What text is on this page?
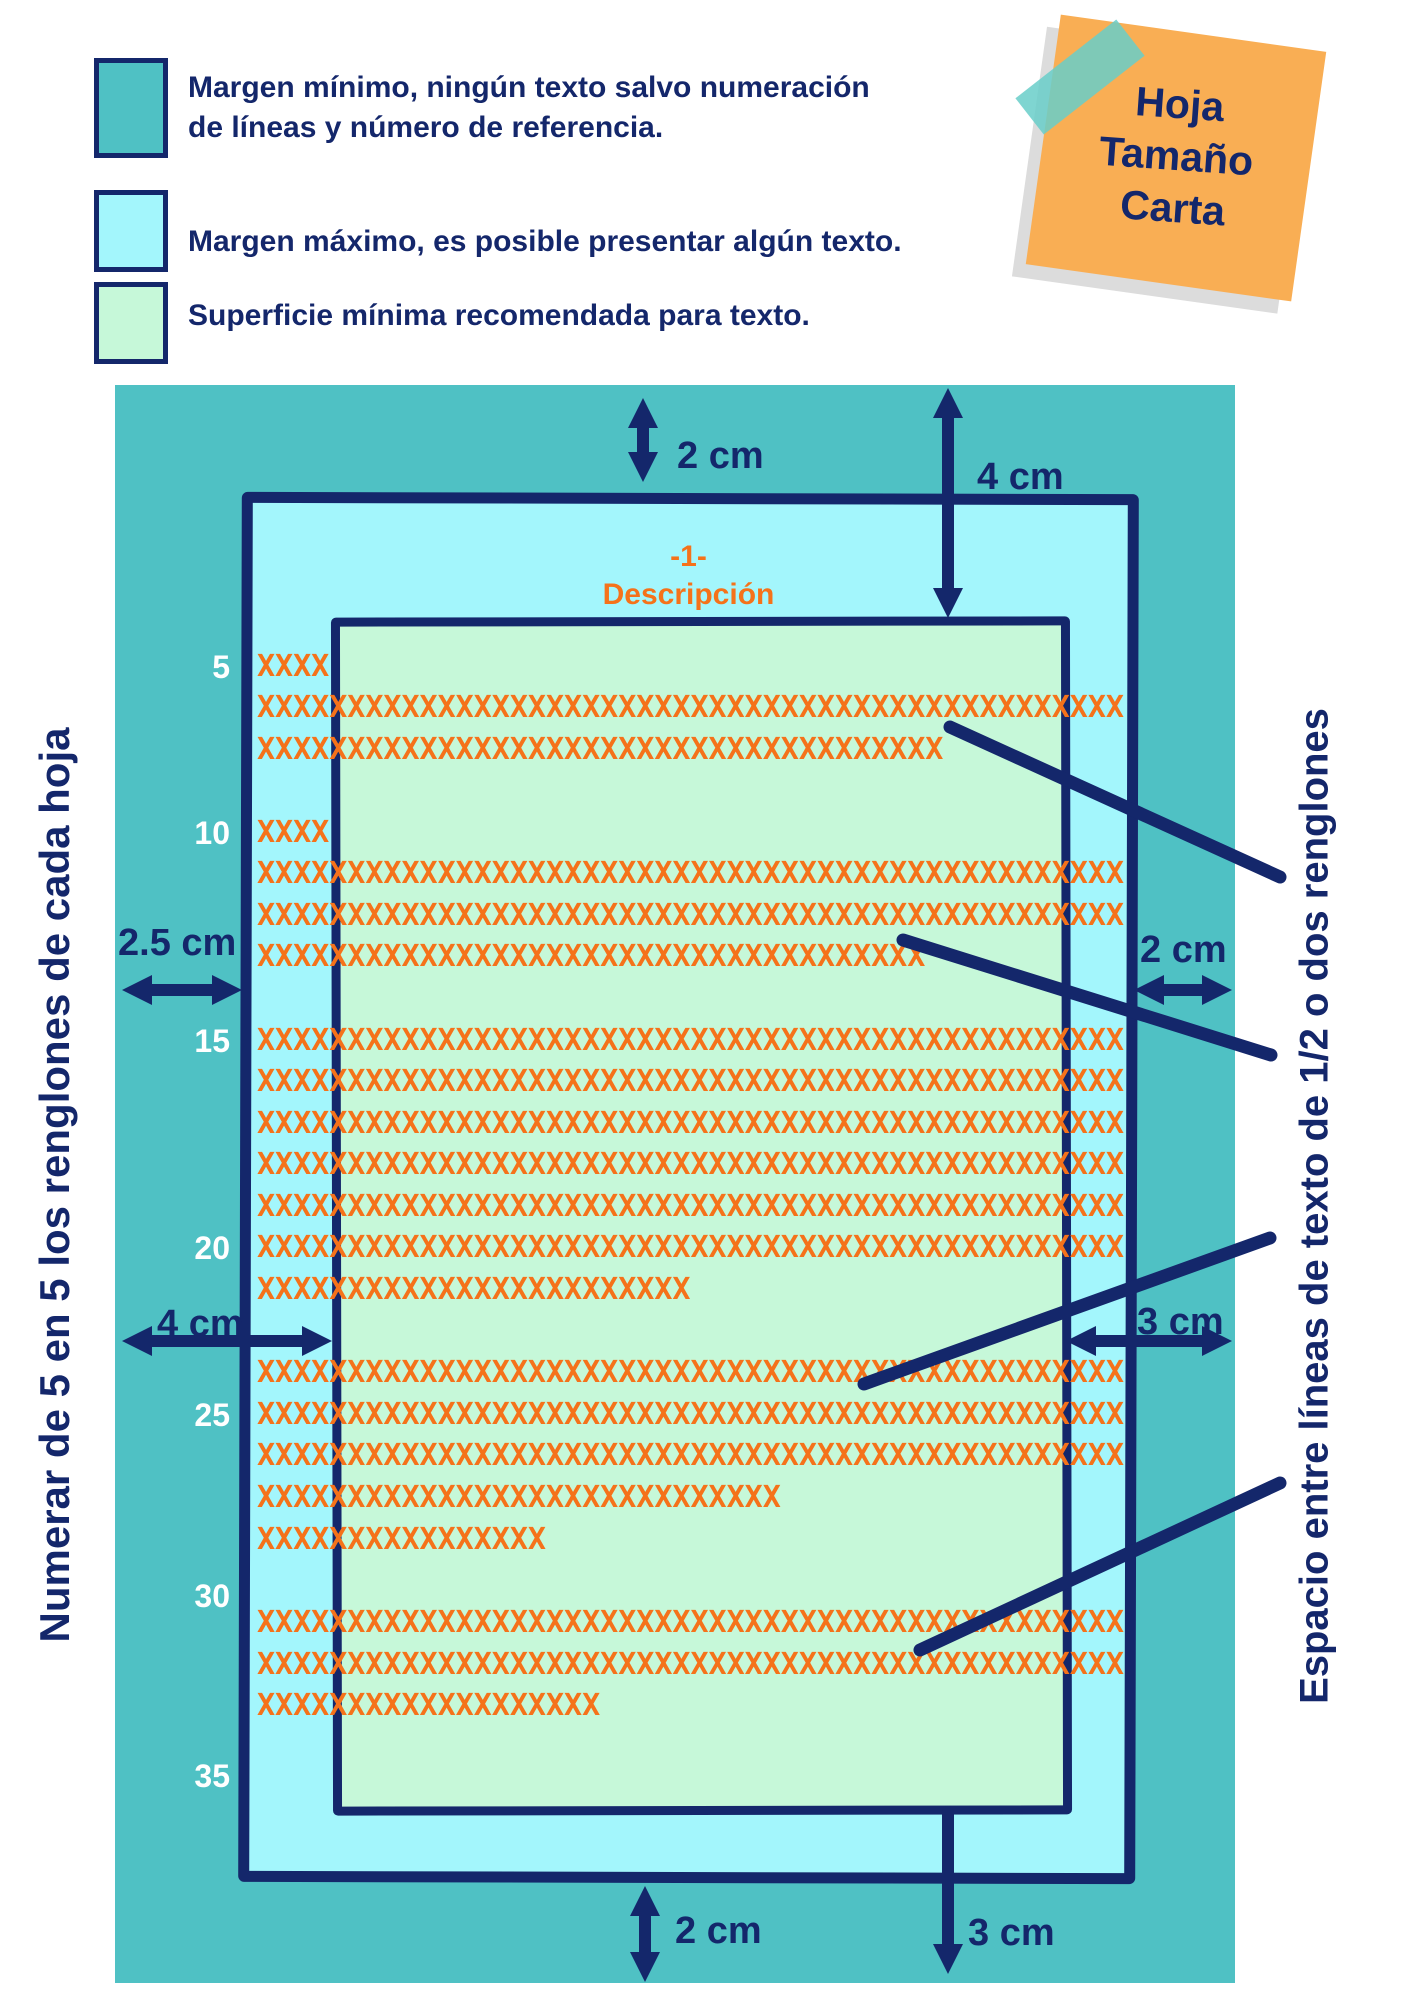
Margen mínimo, ningún texto salvo numeración
de líneas y número de referencia.
Margen máximo, es posible presentar algún texto.
Superficie mínima recomendada para texto.
Hoja
Tamaño
Carta
-1-
Descripción
XXXX
5
XXXXXXXXXXXXXXXXXXXXXXXXXXXXXXXXXXXXXXXXXXXXXXXX
XXXXXXXXXXXXXXXXXXXXXXXXXXXXXXXXXXXXXX
XXXX
10
XXXXXXXXXXXXXXXXXXXXXXXXXXXXXXXXXXXXXXXXXXXXXXXX
XXXXXXXXXXXXXXXXXXXXXXXXXXXXXXXXXXXXXXXXXXXXXXXX
XXXXXXXXXXXXXXXXXXXXXXXXXXXXXXXXXXXXX
XXXXXXXXXXXXXXXXXXXXXXXXXXXXXXXXXXXXXXXXXXXXXXXX
15
XXXXXXXXXXXXXXXXXXXXXXXXXXXXXXXXXXXXXXXXXXXXXXXX
XXXXXXXXXXXXXXXXXXXXXXXXXXXXXXXXXXXXXXXXXXXXXXXX
XXXXXXXXXXXXXXXXXXXXXXXXXXXXXXXXXXXXXXXXXXXXXXXX
XXXXXXXXXXXXXXXXXXXXXXXXXXXXXXXXXXXXXXXXXXXXXXXX
XXXXXXXXXXXXXXXXXXXXXXXXXXXXXXXXXXXXXXXXXXXXXXXX
20
XXXXXXXXXXXXXXXXXXXXXXXX
XXXXXXXXXXXXXXXXXXXXXXXXXXXXXXXXXXXXXXXXXXXXXXXX
XXXXXXXXXXXXXXXXXXXXXXXXXXXXXXXXXXXXXXXXXXXXXXXX
25
XXXXXXXXXXXXXXXXXXXXXXXXXXXXXXXXXXXXXXXXXXXXXXXX
XXXXXXXXXXXXXXXXXXXXXXXXXXXXX
XXXXXXXXXXXXXXXX
30
XXXXXXXXXXXXXXXXXXXXXXXXXXXXXXXXXXXXXXXXXXXXXXXX
XXXXXXXXXXXXXXXXXXXXXXXXXXXXXXXXXXXXXXXXXXXXXXXX
XXXXXXXXXXXXXXXXXXX
35
2 cm	4 cm
2.5 cm	2 cm
4 cm	3 cm
2 cm	3 cm
Numerar de 5 en 5 los renglones de cada hoja	Espacio entre líneas de texto de 1/2 o dos renglones
